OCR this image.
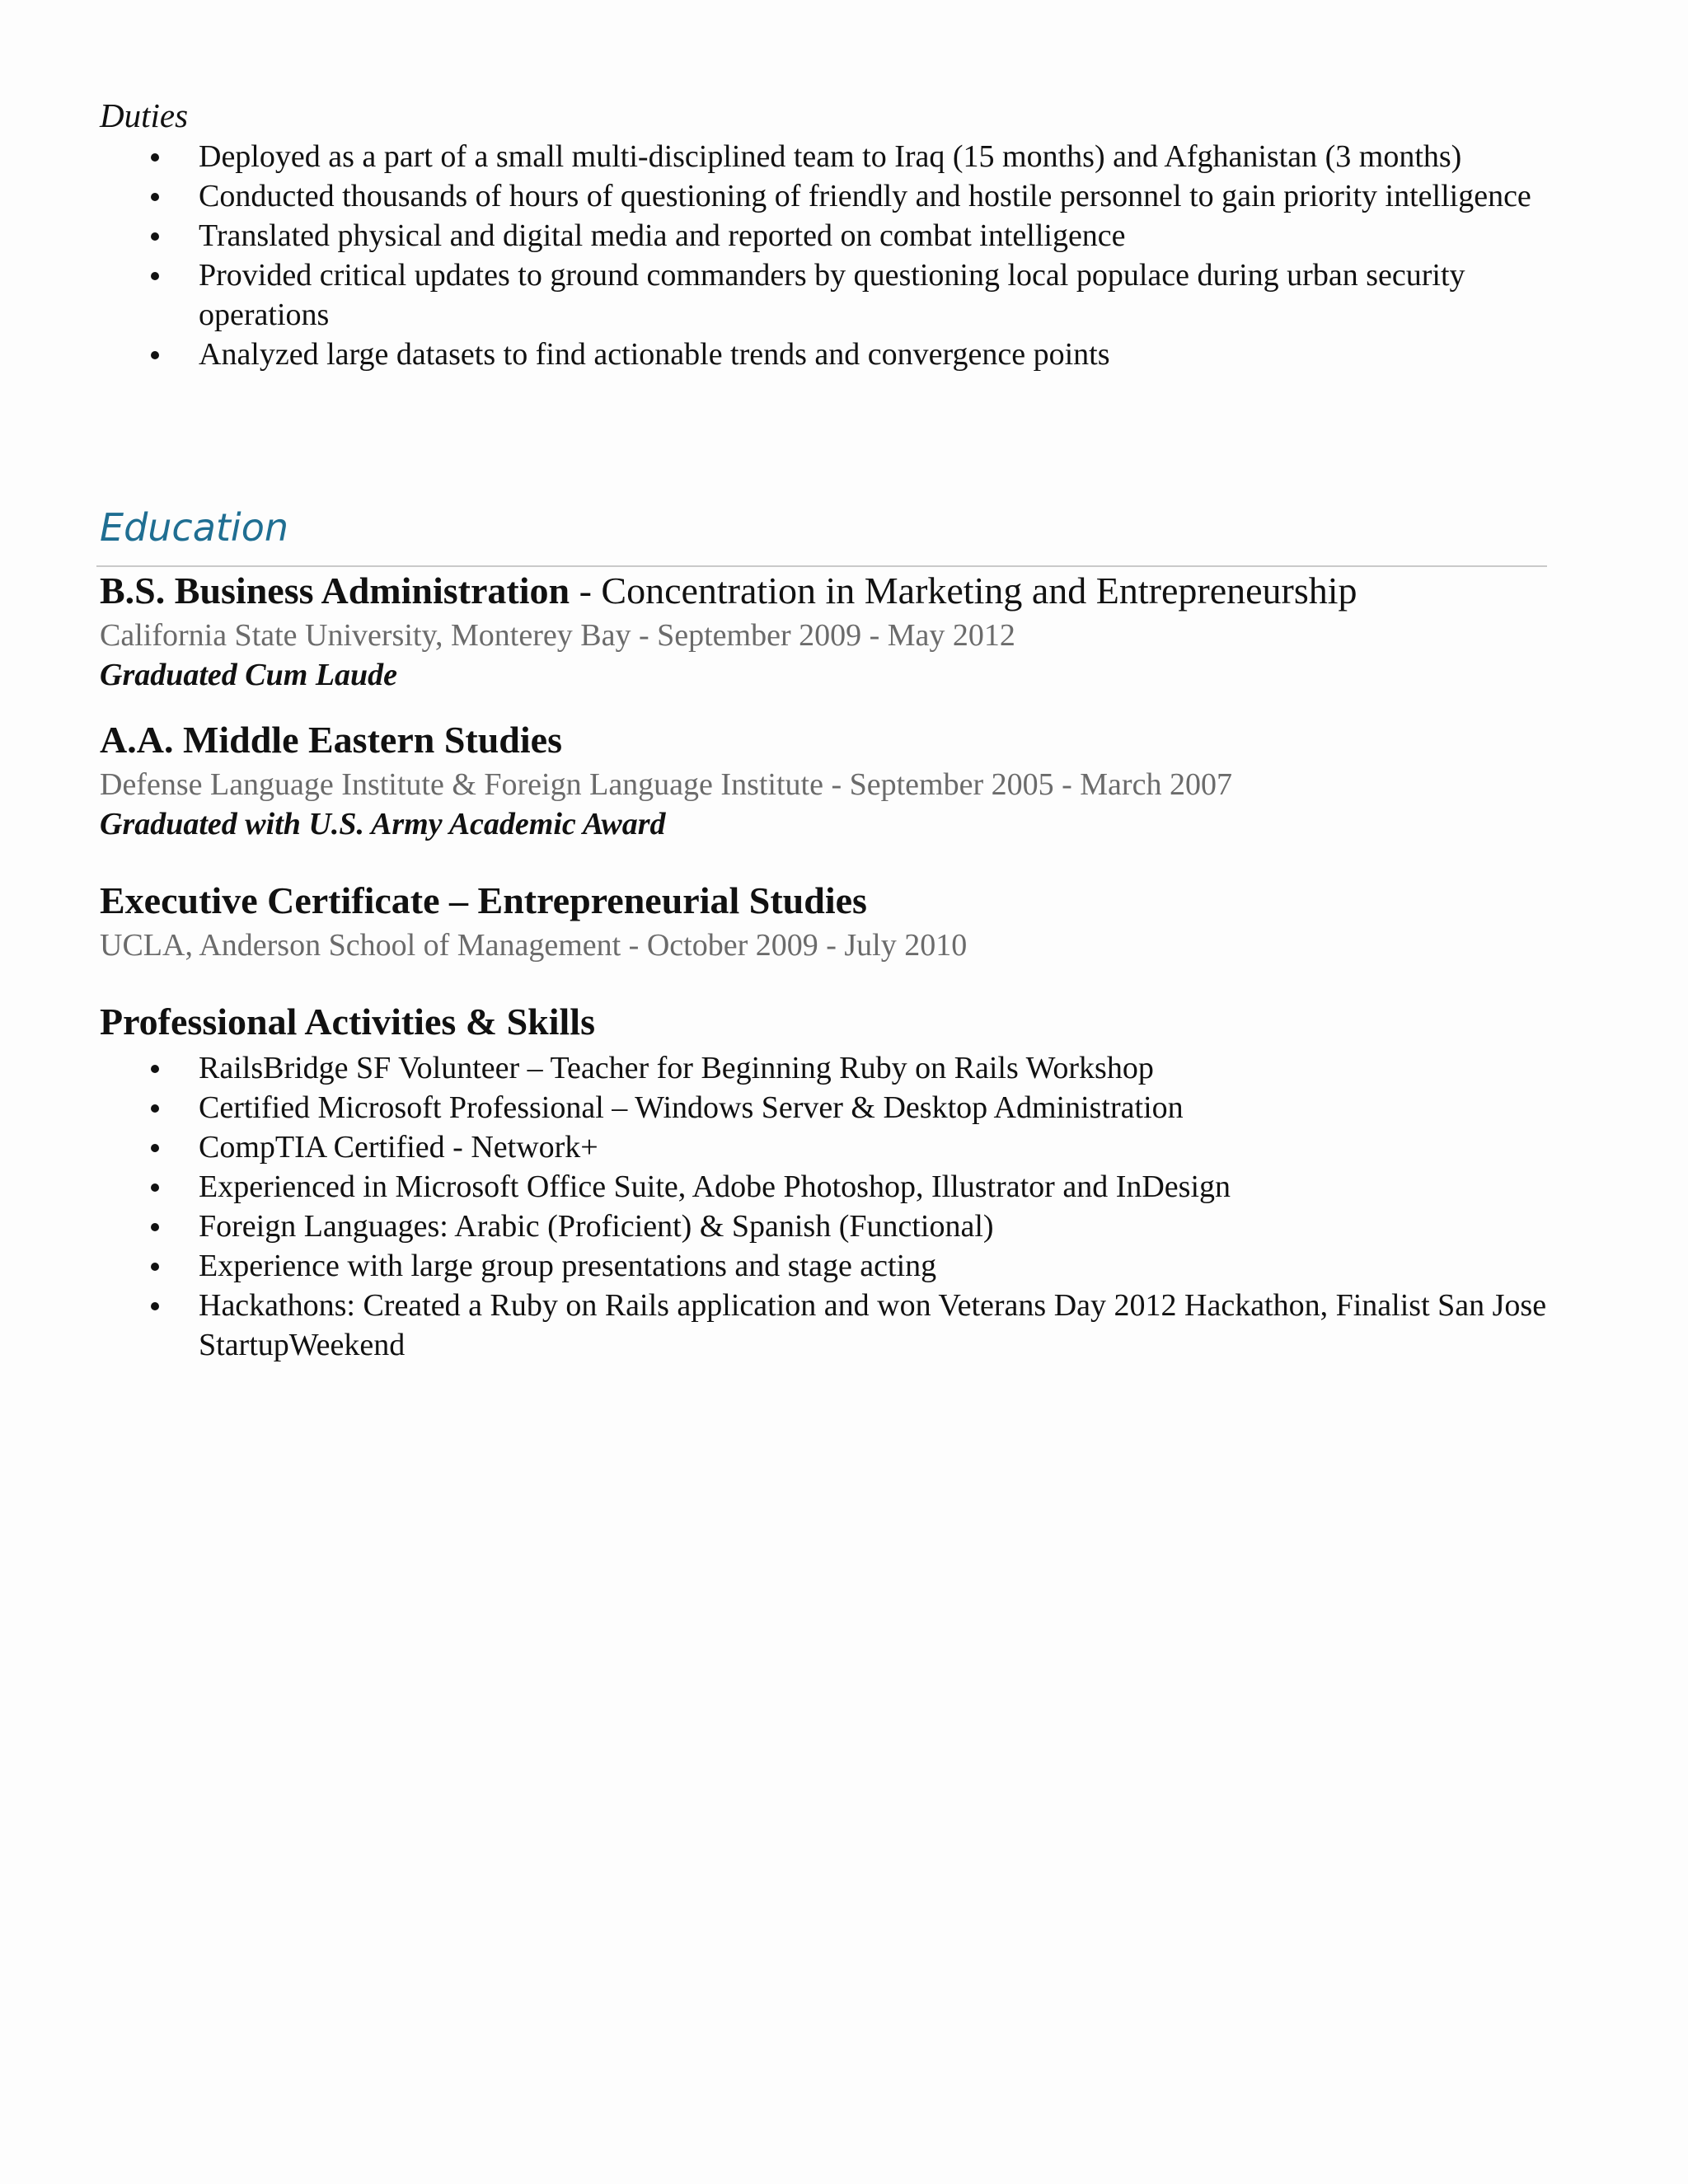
Duties
Deployed as a part of a small multi-disciplined team to Iraq (15 months) and Afghanistan (3 months)
Conducted thousands of hours of questioning of friendly and hostile personnel to gain priority intelligence
Translated physical and digital media and reported on combat intelligence
Provided critical updates to ground commanders by questioning local populace during urban security operations
Analyzed large datasets to find actionable trends and convergence points
Education
B.S. Business Administration - Concentration in Marketing and Entrepreneurship
California State University, Monterey Bay - September 2009 - May 2012
Graduated Cum Laude
A.A. Middle Eastern Studies
Defense Language Institute & Foreign Language Institute - September 2005 - March 2007
Graduated with U.S. Army Academic Award
Executive Certificate – Entrepreneurial Studies
UCLA, Anderson School of Management - October 2009 - July 2010
Professional Activities & Skills
RailsBridge SF Volunteer – Teacher for Beginning Ruby on Rails Workshop
Certified Microsoft Professional – Windows Server & Desktop Administration
CompTIA Certified - Network+
Experienced in Microsoft Office Suite, Adobe Photoshop, Illustrator and InDesign
Foreign Languages: Arabic (Proficient) & Spanish (Functional)
Experience with large group presentations and stage acting
Hackathons: Created a Ruby on Rails application and won Veterans Day 2012 Hackathon, Finalist San Jose StartupWeekend
